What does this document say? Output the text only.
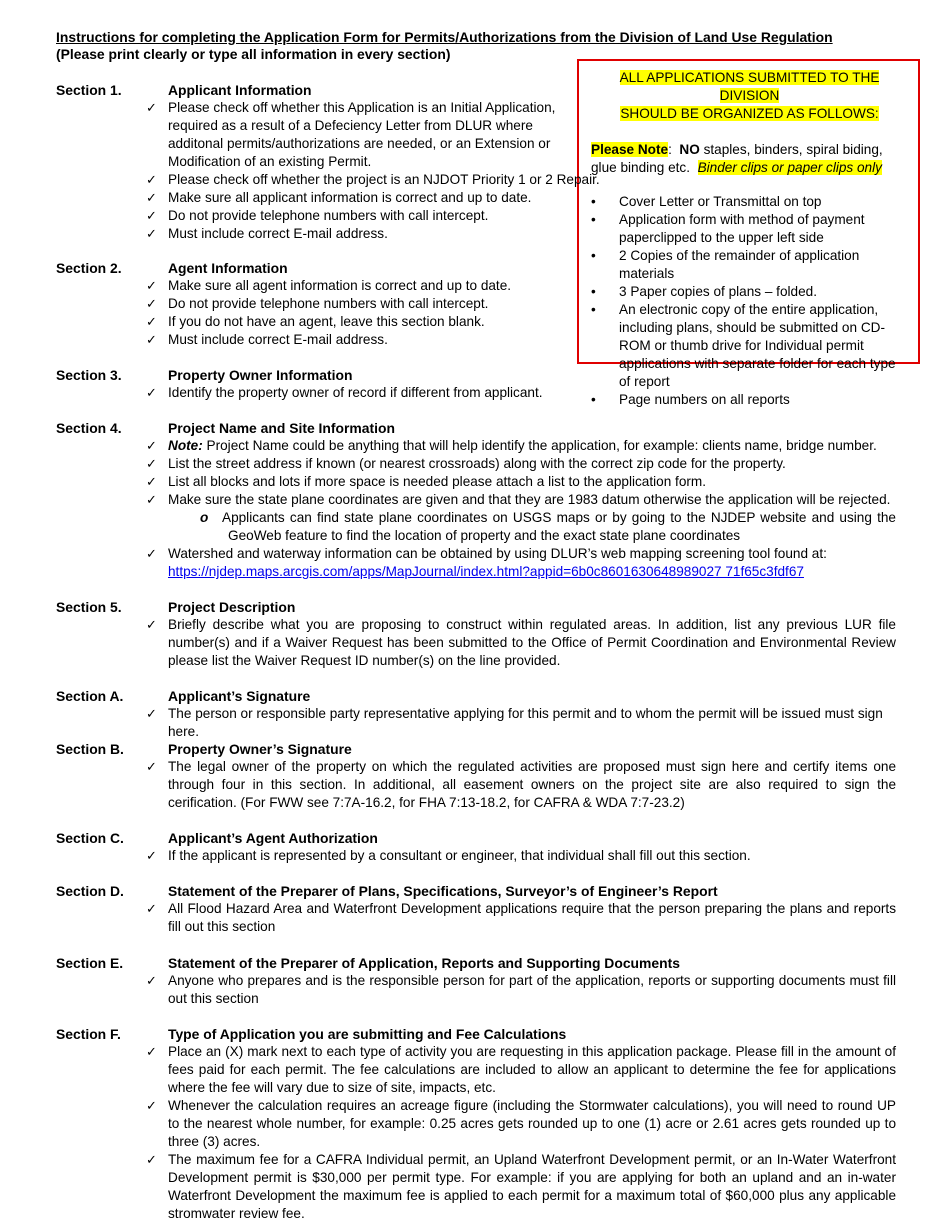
Instructions for completing the Application Form for Permits/Authorizations from the Division of Land Use Regulation
(Please print clearly or type all information in every section)
ALL APPLICATIONS SUBMITTED TO THE DIVISION
SHOULD BE ORGANIZED AS FOLLOWS:
Please Note: NO staples, binders, spiral biding, glue binding etc. Binder clips or paper clips only
• Cover Letter or Transmittal on top
• Application form with method of payment paperclipped to the upper left side
• 2 Copies of the remainder of application materials
• 3 Paper copies of plans – folded.
• An electronic copy of the entire application, including plans, should be submitted on CD-ROM or thumb drive for Individual permit applications with separate folder for each type of report
• Page numbers on all reports
Section 1.	Applicant Information
✓ Please check off whether this Application is an Initial Application,
required as a result of a Defeciency Letter from DLUR where
additonal permits/authorizations are needed, or an Extension or
Modification of an existing Permit.
✓ Please check off whether the project is an NJDOT Priority 1 or 2 Repair.
✓ Make sure all applicant information is correct and up to date.
✓ Do not provide telephone numbers with call intercept.
✓ Must include correct E-mail address.
Section 2.	Agent Information
✓ Make sure all agent information is correct and up to date.
✓ Do not provide telephone numbers with call intercept.
✓ If you do not have an agent, leave this section blank.
✓ Must include correct E-mail address.
Section 3.	Property Owner Information
✓ Identify the property owner of record if different from applicant.
Section 4.	Project Name and Site Information
✓ Note: Project Name could be anything that will help identify the application, for example: clients name, bridge number.
✓ List the street address if known (or nearest crossroads) along with the correct zip code for the property.
✓ List all blocks and lots if more space is needed please attach a list to the application form.
✓ Make sure the state plane coordinates are given and that they are 1983 datum otherwise the application will be rejected.
o Applicants can find state plane coordinates on USGS maps or by going to the NJDEP website and using the GeoWeb feature to find the location of property and the exact state plane coordinates
✓ Watershed and waterway information can be obtained by using DLUR’s web mapping screening tool found at:
https://njdep.maps.arcgis.com/apps/MapJournal/index.html?appid=6b0c8601630648989027 71f65c3fdf67
Section 5.	Project Description
✓ Briefly describe what you are proposing to construct within regulated areas. In addition, list any previous LUR file number(s) and if a Waiver Request has been submitted to the Office of Permit Coordination and Environmental Review please list the Waiver Request ID number(s) on the line provided.
Section A.	Applicant’s Signature
✓ The person or responsible party representative applying for this permit and to whom the permit will be issued must sign here.
Section B.	Property Owner’s Signature
✓ The legal owner of the property on which the regulated activities are proposed must sign here and certify items one through four in this section. In additional, all easement owners on the project site are also required to sign the cerification. (For FWW see 7:7A-16.2, for FHA 7:13-18.2, for CAFRA & WDA 7:7-23.2)
Section C.	Applicant’s Agent Authorization
✓ If the applicant is represented by a consultant or engineer, that individual shall fill out this section.
Section D.	Statement of the Preparer of Plans, Specifications, Surveyor’s of Engineer’s Report
✓ All Flood Hazard Area and Waterfront Development applications require that the person preparing the plans and reports fill out this section
Section E.	Statement of the Preparer of Application, Reports and Supporting Documents
✓ Anyone who prepares and is the responsible person for part of the application, reports or supporting documents must fill out this section
Section F.	Type of Application you are submitting and Fee Calculations
✓ Place an (X) mark next to each type of activity you are requesting in this application package. Please fill in the amount of fees paid for each permit. The fee calculations are included to allow an applicant to determine the fee for applications where the fee will vary due to size of site, impacts, etc.
✓ Whenever the calculation requires an acreage figure (including the Stormwater calculations), you will need to round UP to the nearest whole number, for example: 0.25 acres gets rounded up to one (1) acre or 2.61 acres gets rounded up to three (3) acres.
✓ The maximum fee for a CAFRA Individual permit, an Upland Waterfront Development permit, or an In-Water Waterfront Development permit is $30,000 per permit type. For example: if you are applying for both an upland and an in-water Waterfront Development the maximum fee is applied to each permit for a maximum total of $60,000 plus any applicable stromwater review fee.
